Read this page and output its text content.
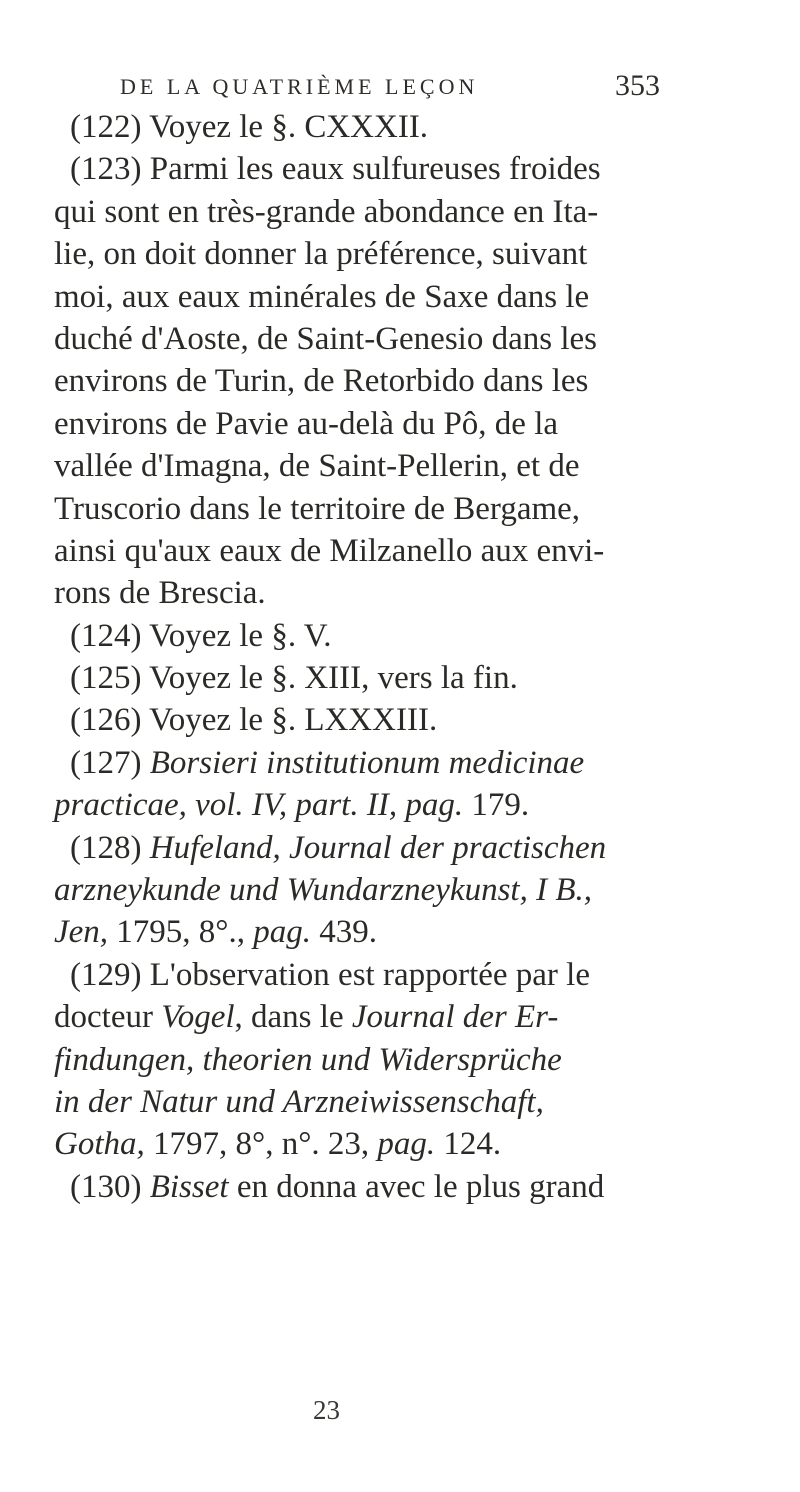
DE LA QUATRIÈME LEÇON	353
(122) Voyez le §. CXXXII.
(123) Parmi les eaux sulfureuses froides
qui sont en très-grande abondance en Ita-
lie, on doit donner la préférence, suivant
moi, aux eaux minérales de Saxe dans le
duché d'Aoste, de Saint-Genesio dans les
environs de Turin, de Retorbido dans les
environs de Pavie au-delà du Pô, de la
vallée d'Imagna, de Saint-Pellerin, et de
Truscorio dans le territoire de Bergame,
ainsi qu'aux eaux de Milzanello aux envi-
rons de Brescia.
(124) Voyez le §. V.
(125) Voyez le §. XIII, vers la fin.
(126) Voyez le §. LXXXIII.
(127) Borsieri institutionum medicinae
practicae, vol. IV, part. II, pag. 179.
(128) Hufeland, Journal der practischen
arzneykunde und Wundarzneykunst, I B.,
Jen, 1795, 8°., pag. 439.
(129) L'observation est rapportée par le
docteur Vogel, dans le Journal der Er-
findungen, theorien und Widersprüche
in der Natur und Arzneiwissenschaft,
Gotha, 1797, 8°, n°. 23, pag. 124.
(130) Bisset en donna avec le plus grand
23
